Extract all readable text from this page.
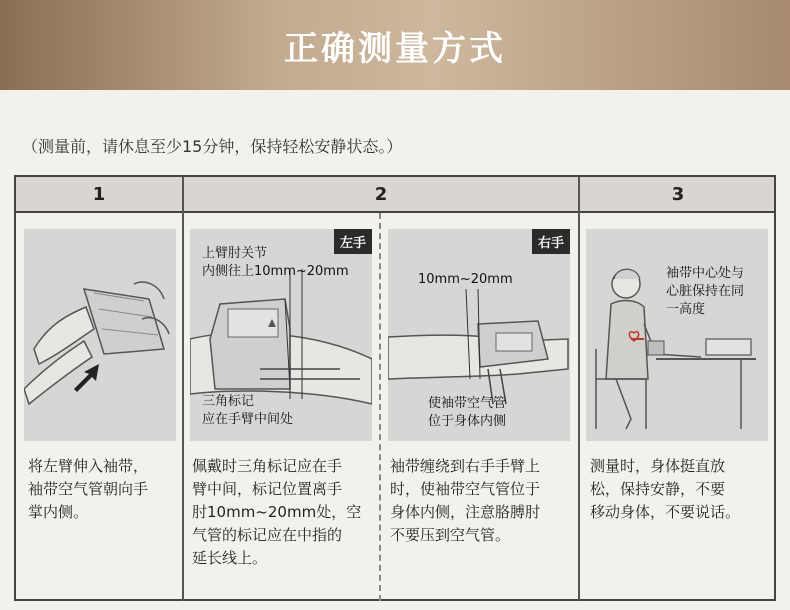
正确测量方式
（测量前，请休息至少15分钟，保持轻松安静状态。）
1	2	3
左手
上臂肘关节
内侧往上10mm~20mm
三角标记
应在手臂中间处
右手
10mm~20mm
使袖带空气管
位于身体内侧
袖带中心处与
心脏保持在同
一高度
将左臂伸入袖带，
袖带空气管朝向手
掌内侧。
佩戴时三角标记应在手
臂中间，标记位置离手
肘10mm~20mm处，空
气管的标记应在中指的
延长线上。
袖带缠绕到右手手臂上
时，使袖带空气管位于
身体内侧，注意胳膊肘
不要压到空气管。
测量时，身体挺直放
松，保持安静，不要
移动身体，不要说话。
